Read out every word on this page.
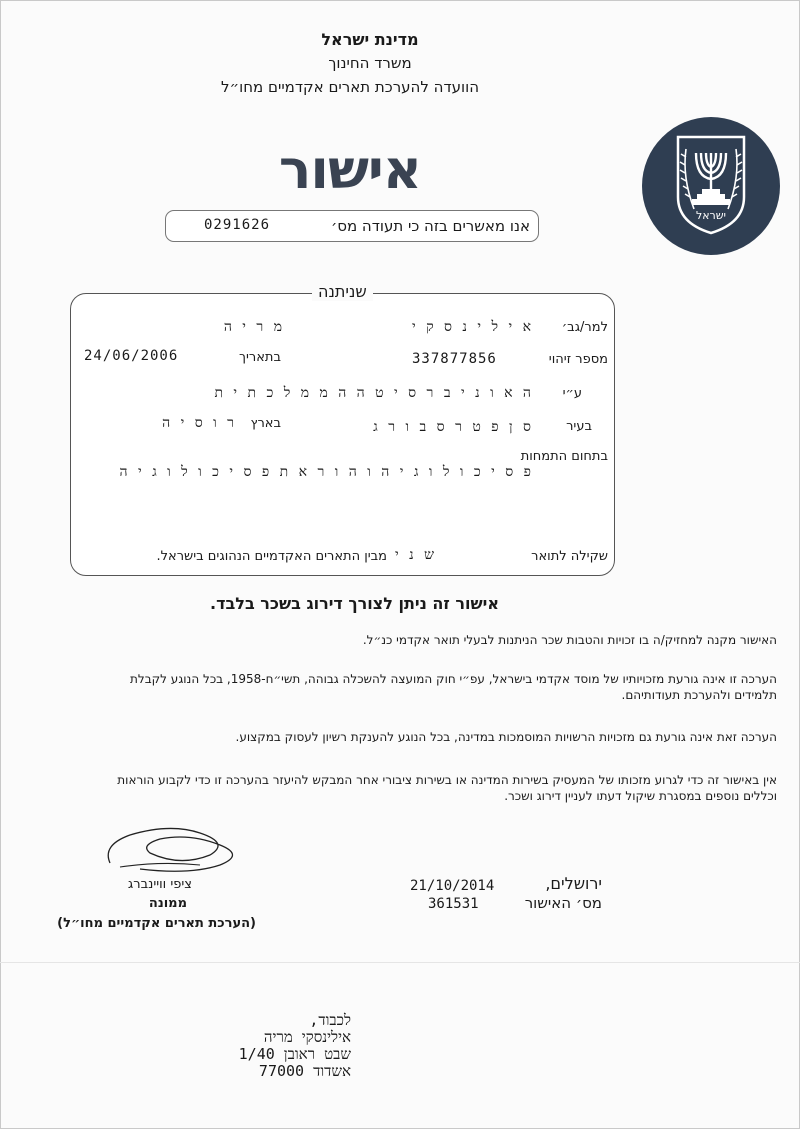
מדינת ישראל
משרד החינוך
הוועדה להערכת תארים אקדמיים מחו״ל
ישראל
אישור
אנו מאשרים בזה כי תעודה מס׳
0291626
שניתנה
למר/גב׳
א י ל י נ ס ק י
מ ר י ה
מספר זיהוי
337877856
בתאריך
24/06/2006
ע״י
ה א ו נ י ב ר ס י ט ה ה מ מ ל כ ת י ת
בעיר
ס ן פ ט ר ס ב ו ר ג
בארץ
ר ו ס י ה
בתחום התמחות
פ ס י כ ו ל ו ג י ה ו ה ו ר א ת פ ס י כ ו ל ו ג י ה
שקילה לתואר
ש נ י
מבין התארים האקדמיים הנהוגים בישראל.
אישור זה ניתן לצורך דירוג בשכר בלבד.
האישור מקנה למחזיק/ה בו זכויות והטבות שכר הניתנות לבעלי תואר אקדמי כנ״ל.
הערכה זו אינה גורעת מזכויותיו של מוסד אקדמי בישראל, עפ״י חוק המועצה להשכלה גבוהה, תשי״ח-1958, בכל הנוגע לקבלת תלמידים ולהערכת תעודותיהם.
הערכה זאת אינה גורעת גם מזכויות הרשויות המוסמכות במדינה, בכל הנוגע להענקת רשיון לעסוק במקצוע.
אין באישור זה כדי לגרוע מזכותו של המעסיק בשירות המדינה או בשירות ציבורי אחר המבקש להיעזר בהערכה זו כדי לקבוע הוראות וכללים נוספים במסגרת שיקול דעתו לעניין דירוג ושכר.
ציפי וויינברג
ממונה
(הערכת תארים אקדמיים מחו״ל)
ירושלים,
מס׳ האישור
21/10/2014
361531
לכבוד,
אילינסקי מריה
שבט ראובן 1/40
אשדוד 77000
